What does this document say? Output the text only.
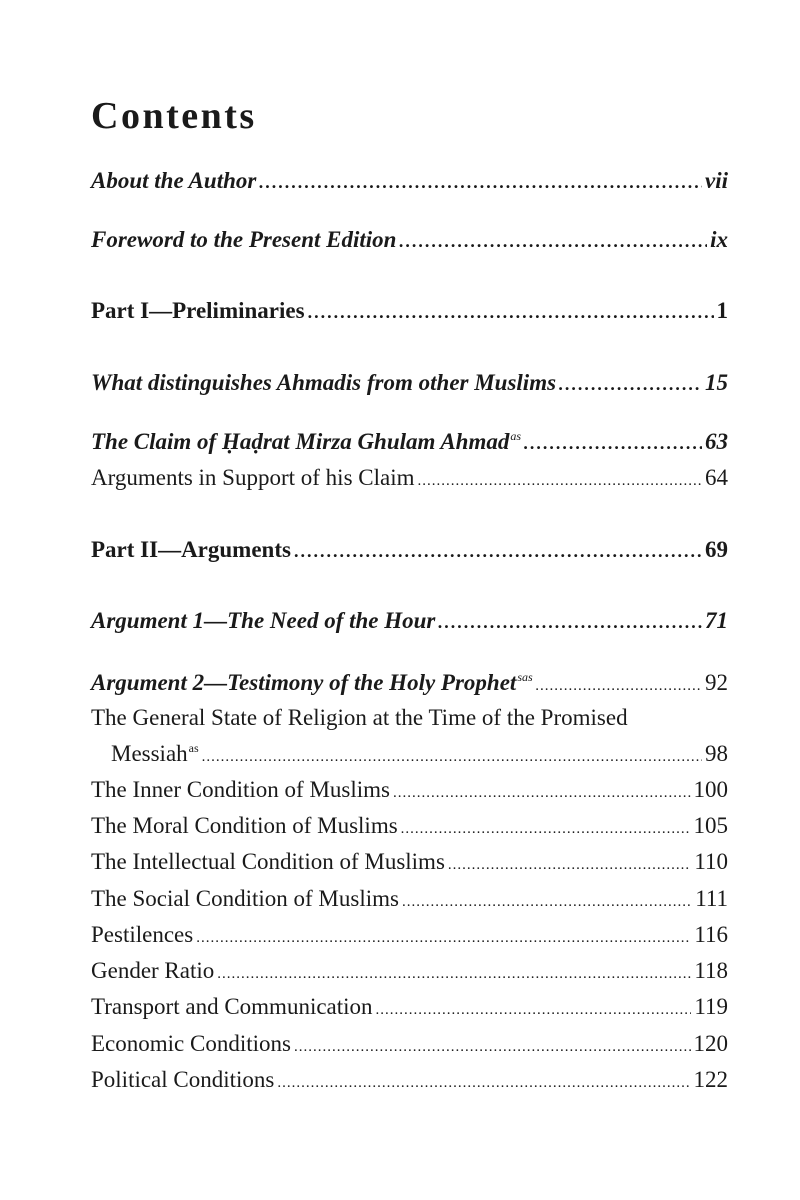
Contents
About the Author .....	vii
Foreword to the Present Edition .....	ix
Part I—Preliminaries .....	1
What distinguishes Ahmadis from other Muslims .....	15
The Claim of Ḥaḍrat Mirza Ghulam Ahmad$^{as}$ .....	63
Arguments in Support of his Claim .....	64
Part II—Arguments .....	69
Argument 1—The Need of the Hour .....	71
Argument 2—Testimony of the Holy Prophet$^{sas}$ .....	92
The General State of Religion at the Time of the Promised
Messiah$^{as}$ .....	98
The Inner Condition of Muslims .....	100
The Moral Condition of Muslims .....	105
The Intellectual Condition of Muslims .....	110
The Social Condition of Muslims .....	111
Pestilences .....	116
Gender Ratio .....	118
Transport and Communication .....	119
Economic Conditions .....	120
Political Conditions .....	122
